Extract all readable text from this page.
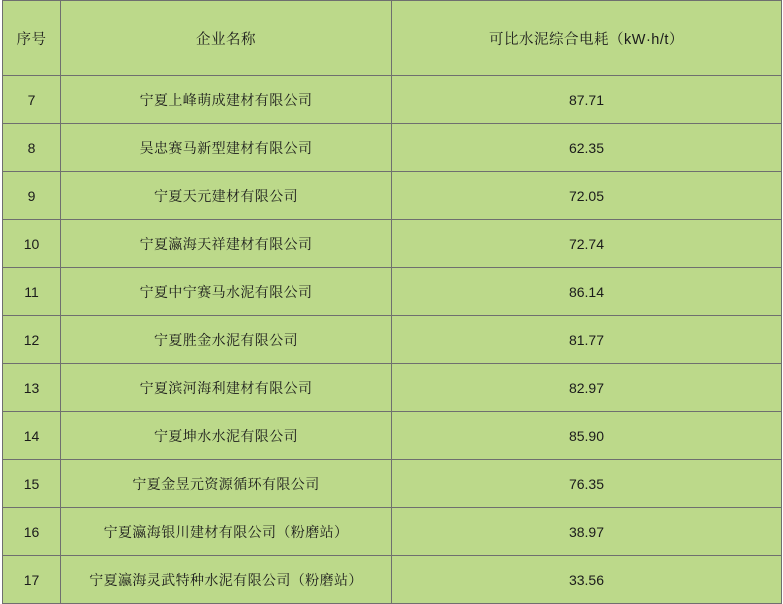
序号	企业名称	可比水泥综合电耗（kW·h/t）
7	宁夏上峰萌成建材有限公司	87.71
8	吴忠赛马新型建材有限公司	62.35
9	宁夏天元建材有限公司	72.05
10	宁夏瀛海天祥建材有限公司	72.74
11	宁夏中宁赛马水泥有限公司	86.14
12	宁夏胜金水泥有限公司	81.77
13	宁夏滨河海利建材有限公司	82.97
14	宁夏坤水水泥有限公司	85.90
15	宁夏金昱元资源循环有限公司	76.35
16	宁夏瀛海银川建材有限公司（粉磨站）	38.97
17	宁夏瀛海灵武特种水泥有限公司（粉磨站）	33.56
